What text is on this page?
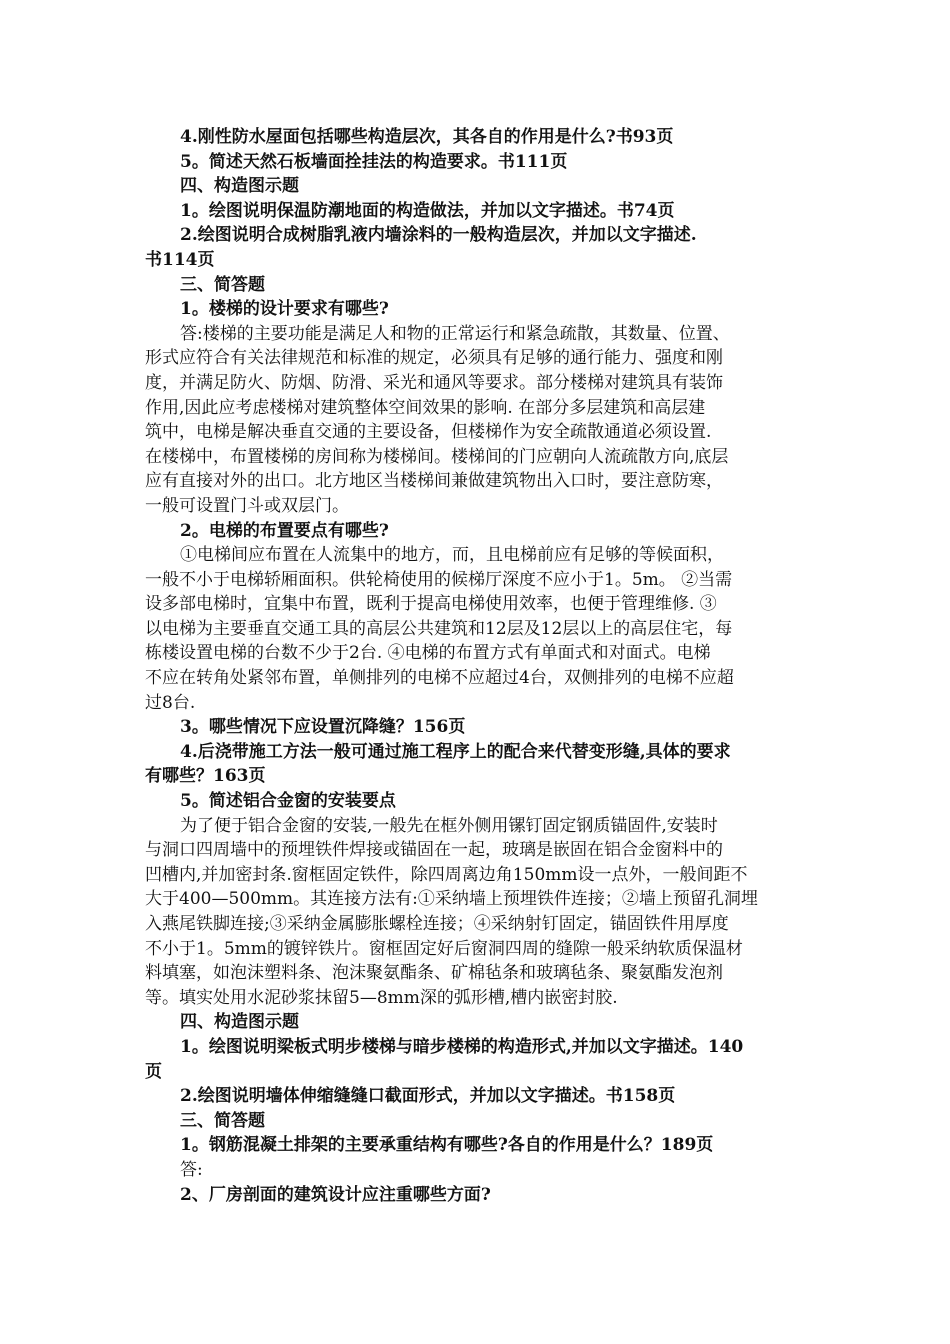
4.刚性防水屋面包括哪些构造层次，其各自的作用是什么?书93页
5。简述天然石板墙面拴挂法的构造要求。书111页
四、构造图示题
1。绘图说明保温防潮地面的构造做法，并加以文字描述。书74页
2.绘图说明合成树脂乳液内墙涂料的一般构造层次，并加以文字描述.
书114页
三、简答题
1。楼梯的设计要求有哪些?
答:楼梯的主要功能是满足人和物的正常运行和紧急疏散，其数量、位置、
形式应符合有关法律规范和标准的规定，必须具有足够的通行能力、强度和刚
度，并满足防火、防烟、防滑、采光和通风等要求。部分楼梯对建筑具有装饰
作用,因此应考虑楼梯对建筑整体空间效果的影响. 在部分多层建筑和高层建
筑中，电梯是解决垂直交通的主要设备，但楼梯作为安全疏散通道必须设置.
在楼梯中，布置楼梯的房间称为楼梯间。楼梯间的门应朝向人流疏散方向,底层
应有直接对外的出口。北方地区当楼梯间兼做建筑物出入口时，要注意防寒，
一般可设置门斗或双层门。
2。电梯的布置要点有哪些?
①电梯间应布置在人流集中的地方，而，且电梯前应有足够的等候面积，
一般不小于电梯轿厢面积。供轮椅使用的候梯厅深度不应小于1。5m。 ②当需
设多部电梯时，宜集中布置，既利于提高电梯使用效率，也便于管理维修. ③
以电梯为主要垂直交通工具的高层公共建筑和12层及12层以上的高层住宅，每
栋楼设置电梯的台数不少于2台. ④电梯的布置方式有单面式和对面式。电梯
不应在转角处紧邻布置，单侧排列的电梯不应超过4台，双侧排列的电梯不应超
过8台.
3。哪些情况下应设置沉降缝？156页
4.后浇带施工方法一般可通过施工程序上的配合来代替变形缝,具体的要求
有哪些？163页
5。简述铝合金窗的安装要点
为了便于铝合金窗的安装,一般先在框外侧用镙钉固定钢质锚固件,安装时
与洞口四周墙中的预埋铁件焊接或锚固在一起，玻璃是嵌固在铝合金窗料中的
凹槽内,并加密封条.窗框固定铁件，除四周离边角150mm设一点外，一般间距不
大于400—500mm。其连接方法有:①采纳墙上预埋铁件连接；②墙上预留孔洞埋
入燕尾铁脚连接;③采纳金属膨胀螺栓连接；④采纳射钉固定，锚固铁件用厚度
不小于1。5mm的镀锌铁片。窗框固定好后窗洞四周的缝隙一般采纳软质保温材
料填塞，如泡沫塑料条、泡沫聚氨酯条、矿棉毡条和玻璃毡条、聚氨酯发泡剂
等。填实处用水泥砂浆抹留5—8mm深的弧形槽,槽内嵌密封胶.
四、构造图示题
1。绘图说明梁板式明步楼梯与暗步楼梯的构造形式,并加以文字描述。140
页
2.绘图说明墙体伸缩缝缝口截面形式，并加以文字描述。书158页
三、简答题
1。钢筋混凝土排架的主要承重结构有哪些?各自的作用是什么？189页
答:
2、厂房剖面的建筑设计应注重哪些方面?
